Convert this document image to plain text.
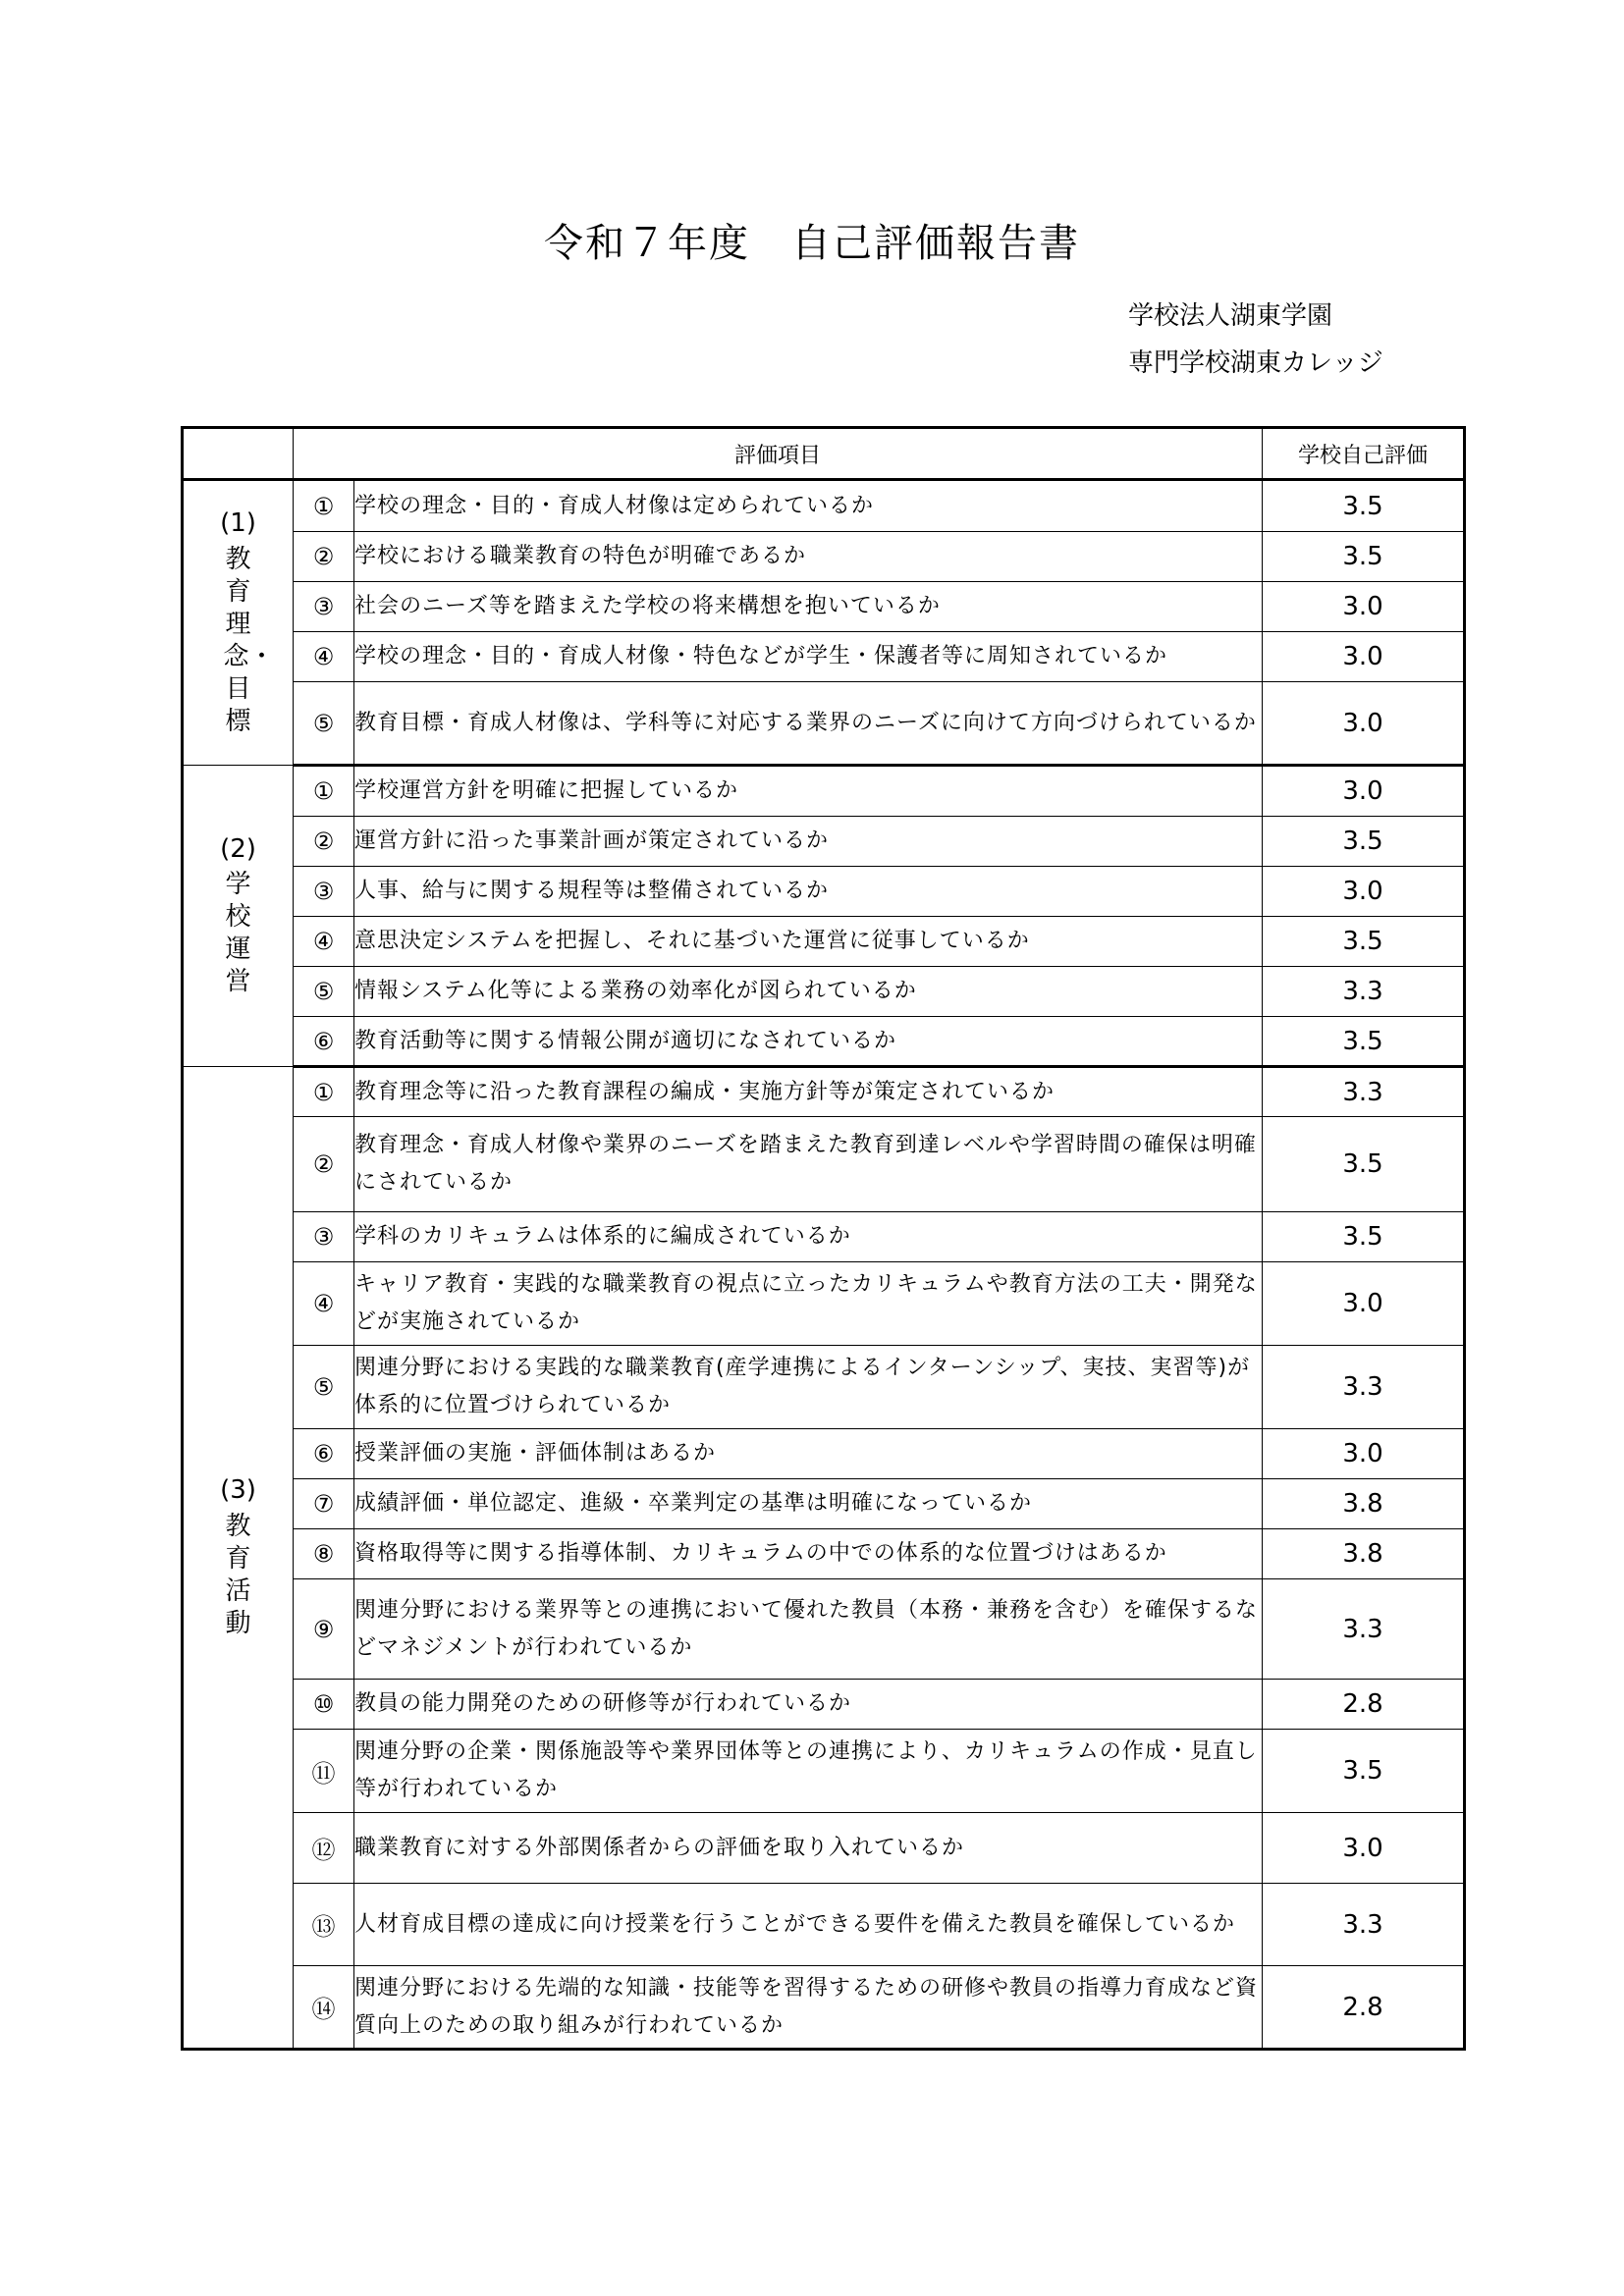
令和７年度　自己評価報告書
学校法人湖東学園
専門学校湖東カレッジ
	評価項目		学校自己評価

(1)
教育理念・目標	①	学校の理念・目的・育成人材像は定められているか	3.5
	②	学校における職業教育の特色が明確であるか	3.5
	③	社会のニーズ等を踏まえた学校の将来構想を抱いているか	3.0
	④	学校の理念・目的・育成人材像・特色などが学生・保護者等に周知されているか	3.0
	⑤	教育目標・育成人材像は、学科等に対応する業界のニーズに向けて方向づけられているか	3.0

(2)
学校運営	①	学校運営方針を明確に把握しているか	3.0
	②	運営方針に沿った事業計画が策定されているか	3.5
	③	人事、給与に関する規程等は整備されているか	3.0
	④	意思決定システムを把握し、それに基づいた運営に従事しているか	3.5
	⑤	情報システム化等による業務の効率化が図られているか	3.3
	⑥	教育活動等に関する情報公開が適切になされているか	3.5

(3)
教育活動	①	教育理念等に沿った教育課程の編成・実施方針等が策定されているか	3.3
	②	教育理念・育成人材像や業界のニーズを踏まえた教育到達レベルや学習時間の確保は明確にされているか	3.5
	③	学科のカリキュラムは体系的に編成されているか	3.5
	④	キャリア教育・実践的な職業教育の視点に立ったカリキュラムや教育方法の工夫・開発などが実施されているか	3.0
	⑤	関連分野における実践的な職業教育(産学連携によるインターンシップ、実技、実習等)が体系的に位置づけられているか	3.3
	⑥	授業評価の実施・評価体制はあるか	3.0
	⑦	成績評価・単位認定、進級・卒業判定の基準は明確になっているか	3.8
	⑧	資格取得等に関する指導体制、カリキュラムの中での体系的な位置づけはあるか	3.8
	⑨	関連分野における業界等との連携において優れた教員（本務・兼務を含む）を確保するなどマネジメントが行われているか	3.3
	⑩	教員の能力開発のための研修等が行われているか	2.8
	⑪	関連分野の企業・関係施設等や業界団体等との連携により、カリキュラムの作成・見直し等が行われているか	3.5
	⑫	職業教育に対する外部関係者からの評価を取り入れているか	3.0
	⑬	人材育成目標の達成に向け授業を行うことができる要件を備えた教員を確保しているか	3.3
	⑭	関連分野における先端的な知識・技能等を習得するための研修や教員の指導力育成など資質向上のための取り組みが行われているか	2.8
